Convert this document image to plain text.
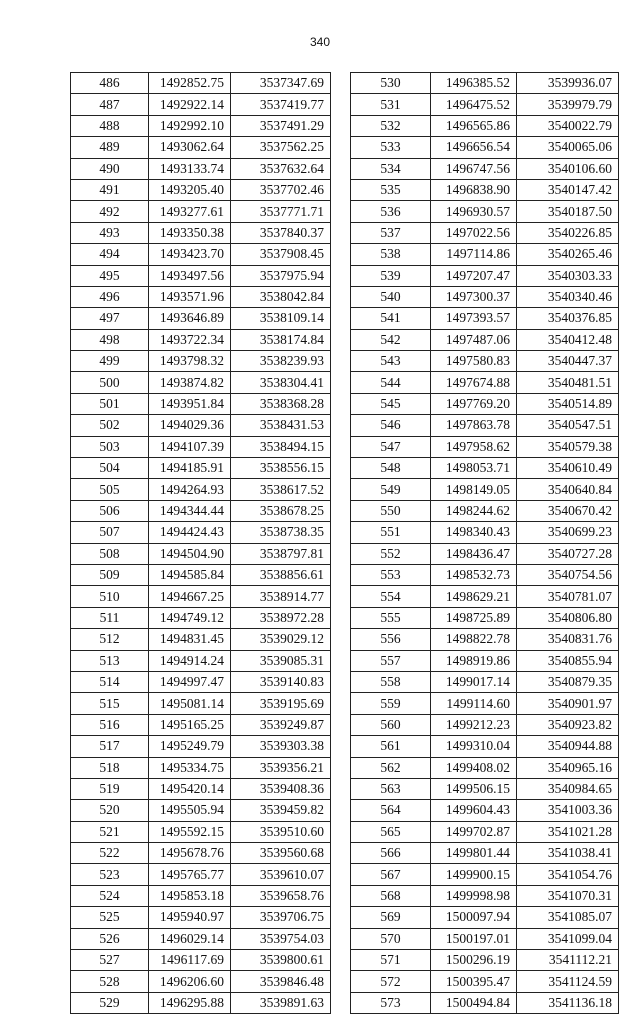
340
486	1492852.75	3537347.69
487	1492922.14	3537419.77
488	1492992.10	3537491.29
489	1493062.64	3537562.25
490	1493133.74	3537632.64
491	1493205.40	3537702.46
492	1493277.61	3537771.71
493	1493350.38	3537840.37
494	1493423.70	3537908.45
495	1493497.56	3537975.94
496	1493571.96	3538042.84
497	1493646.89	3538109.14
498	1493722.34	3538174.84
499	1493798.32	3538239.93
500	1493874.82	3538304.41
501	1493951.84	3538368.28
502	1494029.36	3538431.53
503	1494107.39	3538494.15
504	1494185.91	3538556.15
505	1494264.93	3538617.52
506	1494344.44	3538678.25
507	1494424.43	3538738.35
508	1494504.90	3538797.81
509	1494585.84	3538856.61
510	1494667.25	3538914.77
511	1494749.12	3538972.28
512	1494831.45	3539029.12
513	1494914.24	3539085.31
514	1494997.47	3539140.83
515	1495081.14	3539195.69
516	1495165.25	3539249.87
517	1495249.79	3539303.38
518	1495334.75	3539356.21
519	1495420.14	3539408.36
520	1495505.94	3539459.82
521	1495592.15	3539510.60
522	1495678.76	3539560.68
523	1495765.77	3539610.07
524	1495853.18	3539658.76
525	1495940.97	3539706.75
526	1496029.14	3539754.03
527	1496117.69	3539800.61
528	1496206.60	3539846.48
529	1496295.88	3539891.63
530	1496385.52	3539936.07
531	1496475.52	3539979.79
532	1496565.86	3540022.79
533	1496656.54	3540065.06
534	1496747.56	3540106.60
535	1496838.90	3540147.42
536	1496930.57	3540187.50
537	1497022.56	3540226.85
538	1497114.86	3540265.46
539	1497207.47	3540303.33
540	1497300.37	3540340.46
541	1497393.57	3540376.85
542	1497487.06	3540412.48
543	1497580.83	3540447.37
544	1497674.88	3540481.51
545	1497769.20	3540514.89
546	1497863.78	3540547.51
547	1497958.62	3540579.38
548	1498053.71	3540610.49
549	1498149.05	3540640.84
550	1498244.62	3540670.42
551	1498340.43	3540699.23
552	1498436.47	3540727.28
553	1498532.73	3540754.56
554	1498629.21	3540781.07
555	1498725.89	3540806.80
556	1498822.78	3540831.76
557	1498919.86	3540855.94
558	1499017.14	3540879.35
559	1499114.60	3540901.97
560	1499212.23	3540923.82
561	1499310.04	3540944.88
562	1499408.02	3540965.16
563	1499506.15	3540984.65
564	1499604.43	3541003.36
565	1499702.87	3541021.28
566	1499801.44	3541038.41
567	1499900.15	3541054.76
568	1499998.98	3541070.31
569	1500097.94	3541085.07
570	1500197.01	3541099.04
571	1500296.19	3541112.21
572	1500395.47	3541124.59
573	1500494.84	3541136.18
